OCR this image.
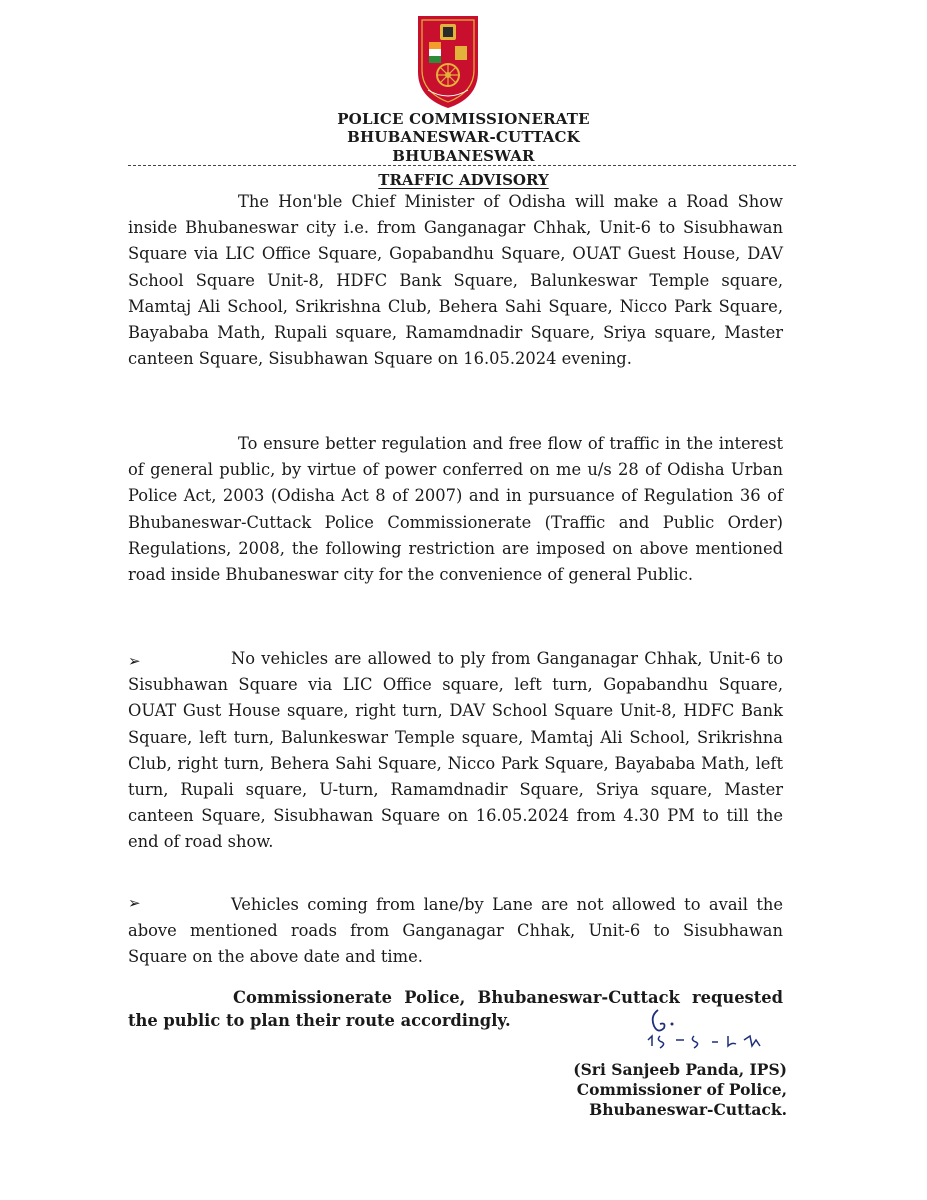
POLICE COMMISSIONERATE
BHUBANESWAR-CUTTACK
BHUBANESWAR
TRAFFIC ADVISORY
The Hon'ble Chief Minister of Odisha will make a Road Show inside Bhubaneswar city i.e. from Ganganagar Chhak, Unit-6 to Sisubhawan Square via LIC Office Square, Gopabandhu Square, OUAT Guest House, DAV School Square Unit-8, HDFC Bank Square, Balunkeswar Temple square, Mamtaj Ali School, Srikrishna Club, Behera Sahi Square, Nicco Park Square, Bayababa Math, Rupali square, Ramamdnadir Square, Sriya square, Master canteen Square, Sisubhawan Square on 16.05.2024 evening.
To ensure better regulation and free flow of traffic in the interest of general public, by virtue of power conferred on me u/s 28 of Odisha Urban Police Act, 2003 (Odisha Act 8 of 2007) and in pursuance of Regulation 36 of Bhubaneswar-Cuttack Police Commissionerate (Traffic and Public Order) Regulations, 2008, the following restriction are imposed on above mentioned road inside Bhubaneswar city for the convenience of general Public.
➢	No vehicles are allowed to ply from Ganganagar Chhak, Unit-6 to Sisubhawan Square via LIC Office square, left turn, Gopabandhu Square, OUAT Gust House square, right turn, DAV School Square Unit-8, HDFC Bank Square, left turn, Balunkeswar Temple square, Mamtaj Ali School, Srikrishna Club, right turn, Behera Sahi Square, Nicco Park Square, Bayababa Math, left turn, Rupali square, U-turn, Ramamdnadir Square, Sriya square, Master canteen Square, Sisubhawan Square on 16.05.2024 from 4.30 PM to till the end of road show.
➢	Vehicles coming from lane/by Lane are not allowed to avail the above mentioned roads from Ganganagar Chhak, Unit-6 to Sisubhawan Square on the above date and time.
Commissionerate Police, Bhubaneswar-Cuttack requested the public to plan their route accordingly.
(Sri Sanjeeb Panda, IPS)
Commissioner of Police,
Bhubaneswar-Cuttack.
